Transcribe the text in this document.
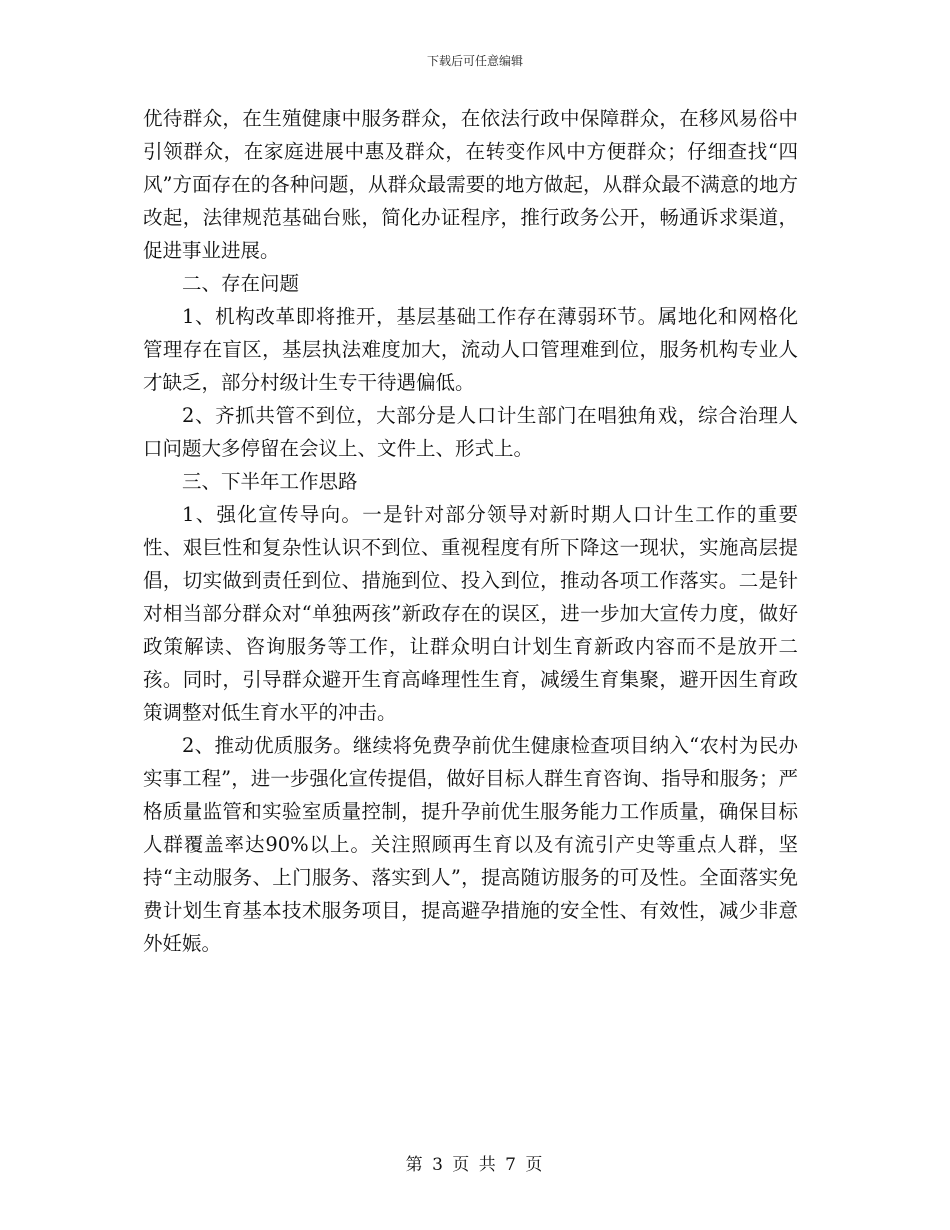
下载后可任意编辑

优待群众，在生殖健康中服务群众，在依法行政中保障群众，在移风易俗中引领群众，在家庭进展中惠及群众，在转变作风中方便群众；仔细查找“四风”方面存在的各种问题，从群众最需要的地方做起，从群众最不满意的地方改起，法律规范基础台账，简化办证程序，推行政务公开，畅通诉求渠道，促进事业进展。

二、存在问题

1、机构改革即将推开，基层基础工作存在薄弱环节。属地化和网格化管理存在盲区，基层执法难度加大，流动人口管理难到位，服务机构专业人才缺乏，部分村级计生专干待遇偏低。

2、齐抓共管不到位，大部分是人口计生部门在唱独角戏，综合治理人口问题大多停留在会议上、文件上、形式上。

三、下半年工作思路

1、强化宣传导向。一是针对部分领导对新时期人口计生工作的重要性、艰巨性和复杂性认识不到位、重视程度有所下降这一现状，实施高层提倡，切实做到责任到位、措施到位、投入到位，推动各项工作落实。二是针对相当部分群众对“单独两孩”新政存在的误区，进一步加大宣传力度，做好政策解读、咨询服务等工作，让群众明白计划生育新政内容而不是放开二孩。同时，引导群众避开生育高峰理性生育，减缓生育集聚，避开因生育政策调整对低生育水平的冲击。

2、推动优质服务。继续将免费孕前优生健康检查项目纳入“农村为民办实事工程”，进一步强化宣传提倡，做好目标人群生育咨询、指导和服务；严格质量监管和实验室质量控制，提升孕前优生服务能力工作质量，确保目标人群覆盖率达90%以上。关注照顾再生育以及有流引产史等重点人群，坚持“主动服务、上门服务、落实到人”，提高随访服务的可及性。全面落实免费计划生育基本技术服务项目，提高避孕措施的安全性、有效性，减少非意外妊娠。

第 3 页 共 7 页
